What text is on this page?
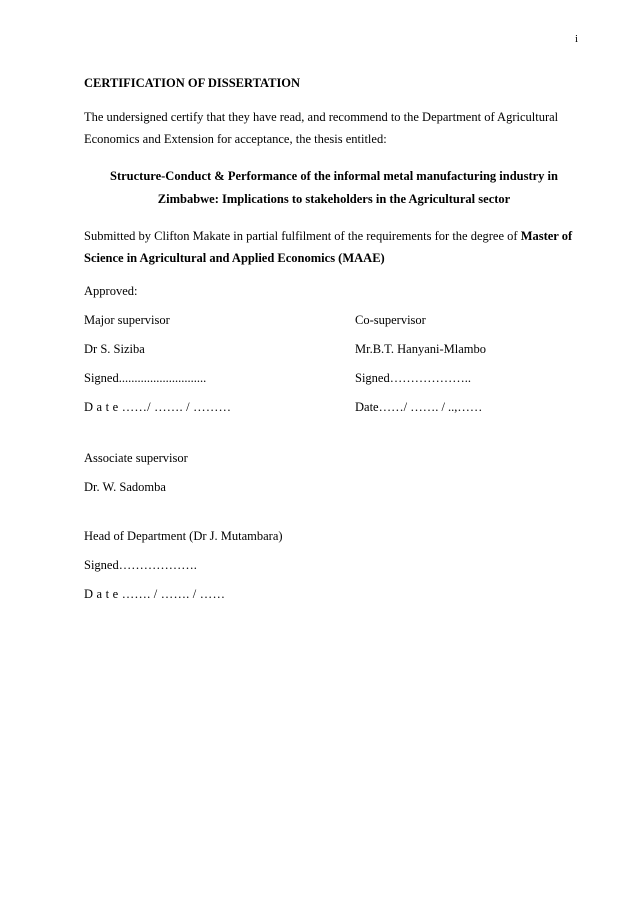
i
CERTIFICATION OF DISSERTATION

The undersigned certify that they have read, and recommend to the Department of Agricultural Economics and Extension for acceptance, the thesis entitled:

Structure-Conduct & Performance of the informal metal manufacturing industry in
Zimbabwe: Implications to stakeholders in the Agricultural sector

Submitted by Clifton Makate in partial fulfilment of the requirements for the degree of Master of Science in Agricultural and Applied Economics (MAAE)

Approved:
Major supervisor	Co-supervisor
Dr S. Siziba	Mr.B.T. Hanyani-Mlambo
Signed............................	Signed………………..
D a t e ……/ ……. / ………	Date……/ ……. / ..,……
Associate supervisor
Dr. W. Sadomba
Head of Department (Dr J. Mutambara)
Signed……………….
D a t e ……. / ……. / ……
